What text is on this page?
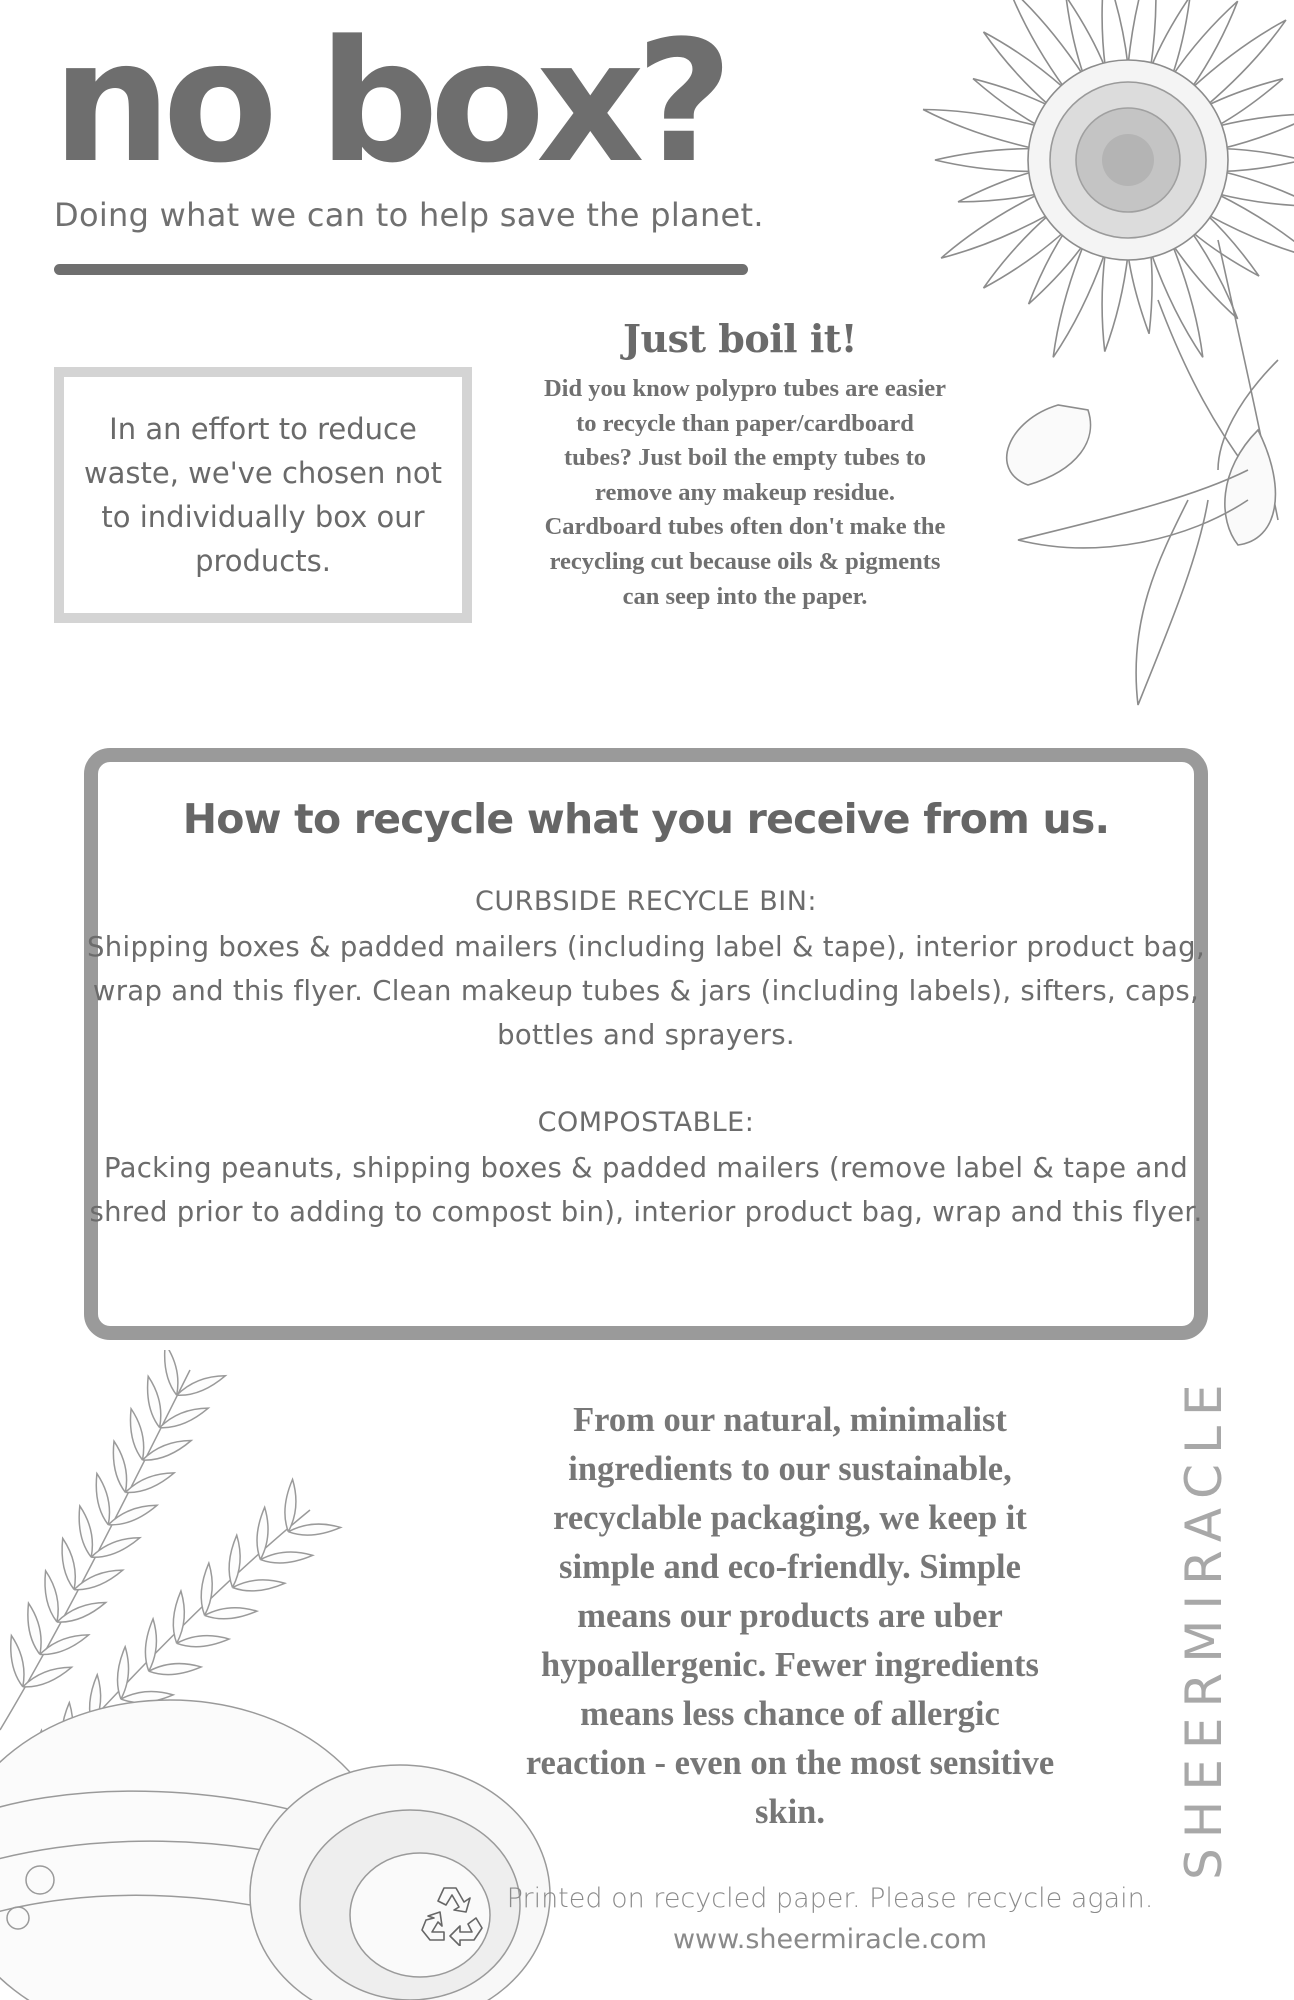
no box?
Doing what we can to help save the planet.
In an effort to reduce waste, we've chosen not to individually box our products.
Just boil it!
Did you know polypro tubes are easier to recycle than paper/cardboard tubes? Just boil the empty tubes to remove any makeup residue. Cardboard tubes often don't make the recycling cut because oils & pigments can seep into the paper.
How to recycle what you receive from us.
CURBSIDE RECYCLE BIN:
Shipping boxes & padded mailers (including label & tape), interior product bag, wrap and this flyer. Clean makeup tubes & jars (including labels), sifters, caps, bottles and sprayers.
COMPOSTABLE:
Packing peanuts, shipping boxes & padded mailers (remove label & tape and shred prior to adding to compost bin), interior product bag, wrap and this flyer.
From our natural, minimalist ingredients to our sustainable, recyclable packaging, we keep it simple and eco-friendly. Simple means our products are uber hypoallergenic. Fewer ingredients means less chance of allergic reaction - even on the most sensitive skin.	SHEERMIRACLE
Printed on recycled paper. Please recycle again.
www.sheermiracle.com
